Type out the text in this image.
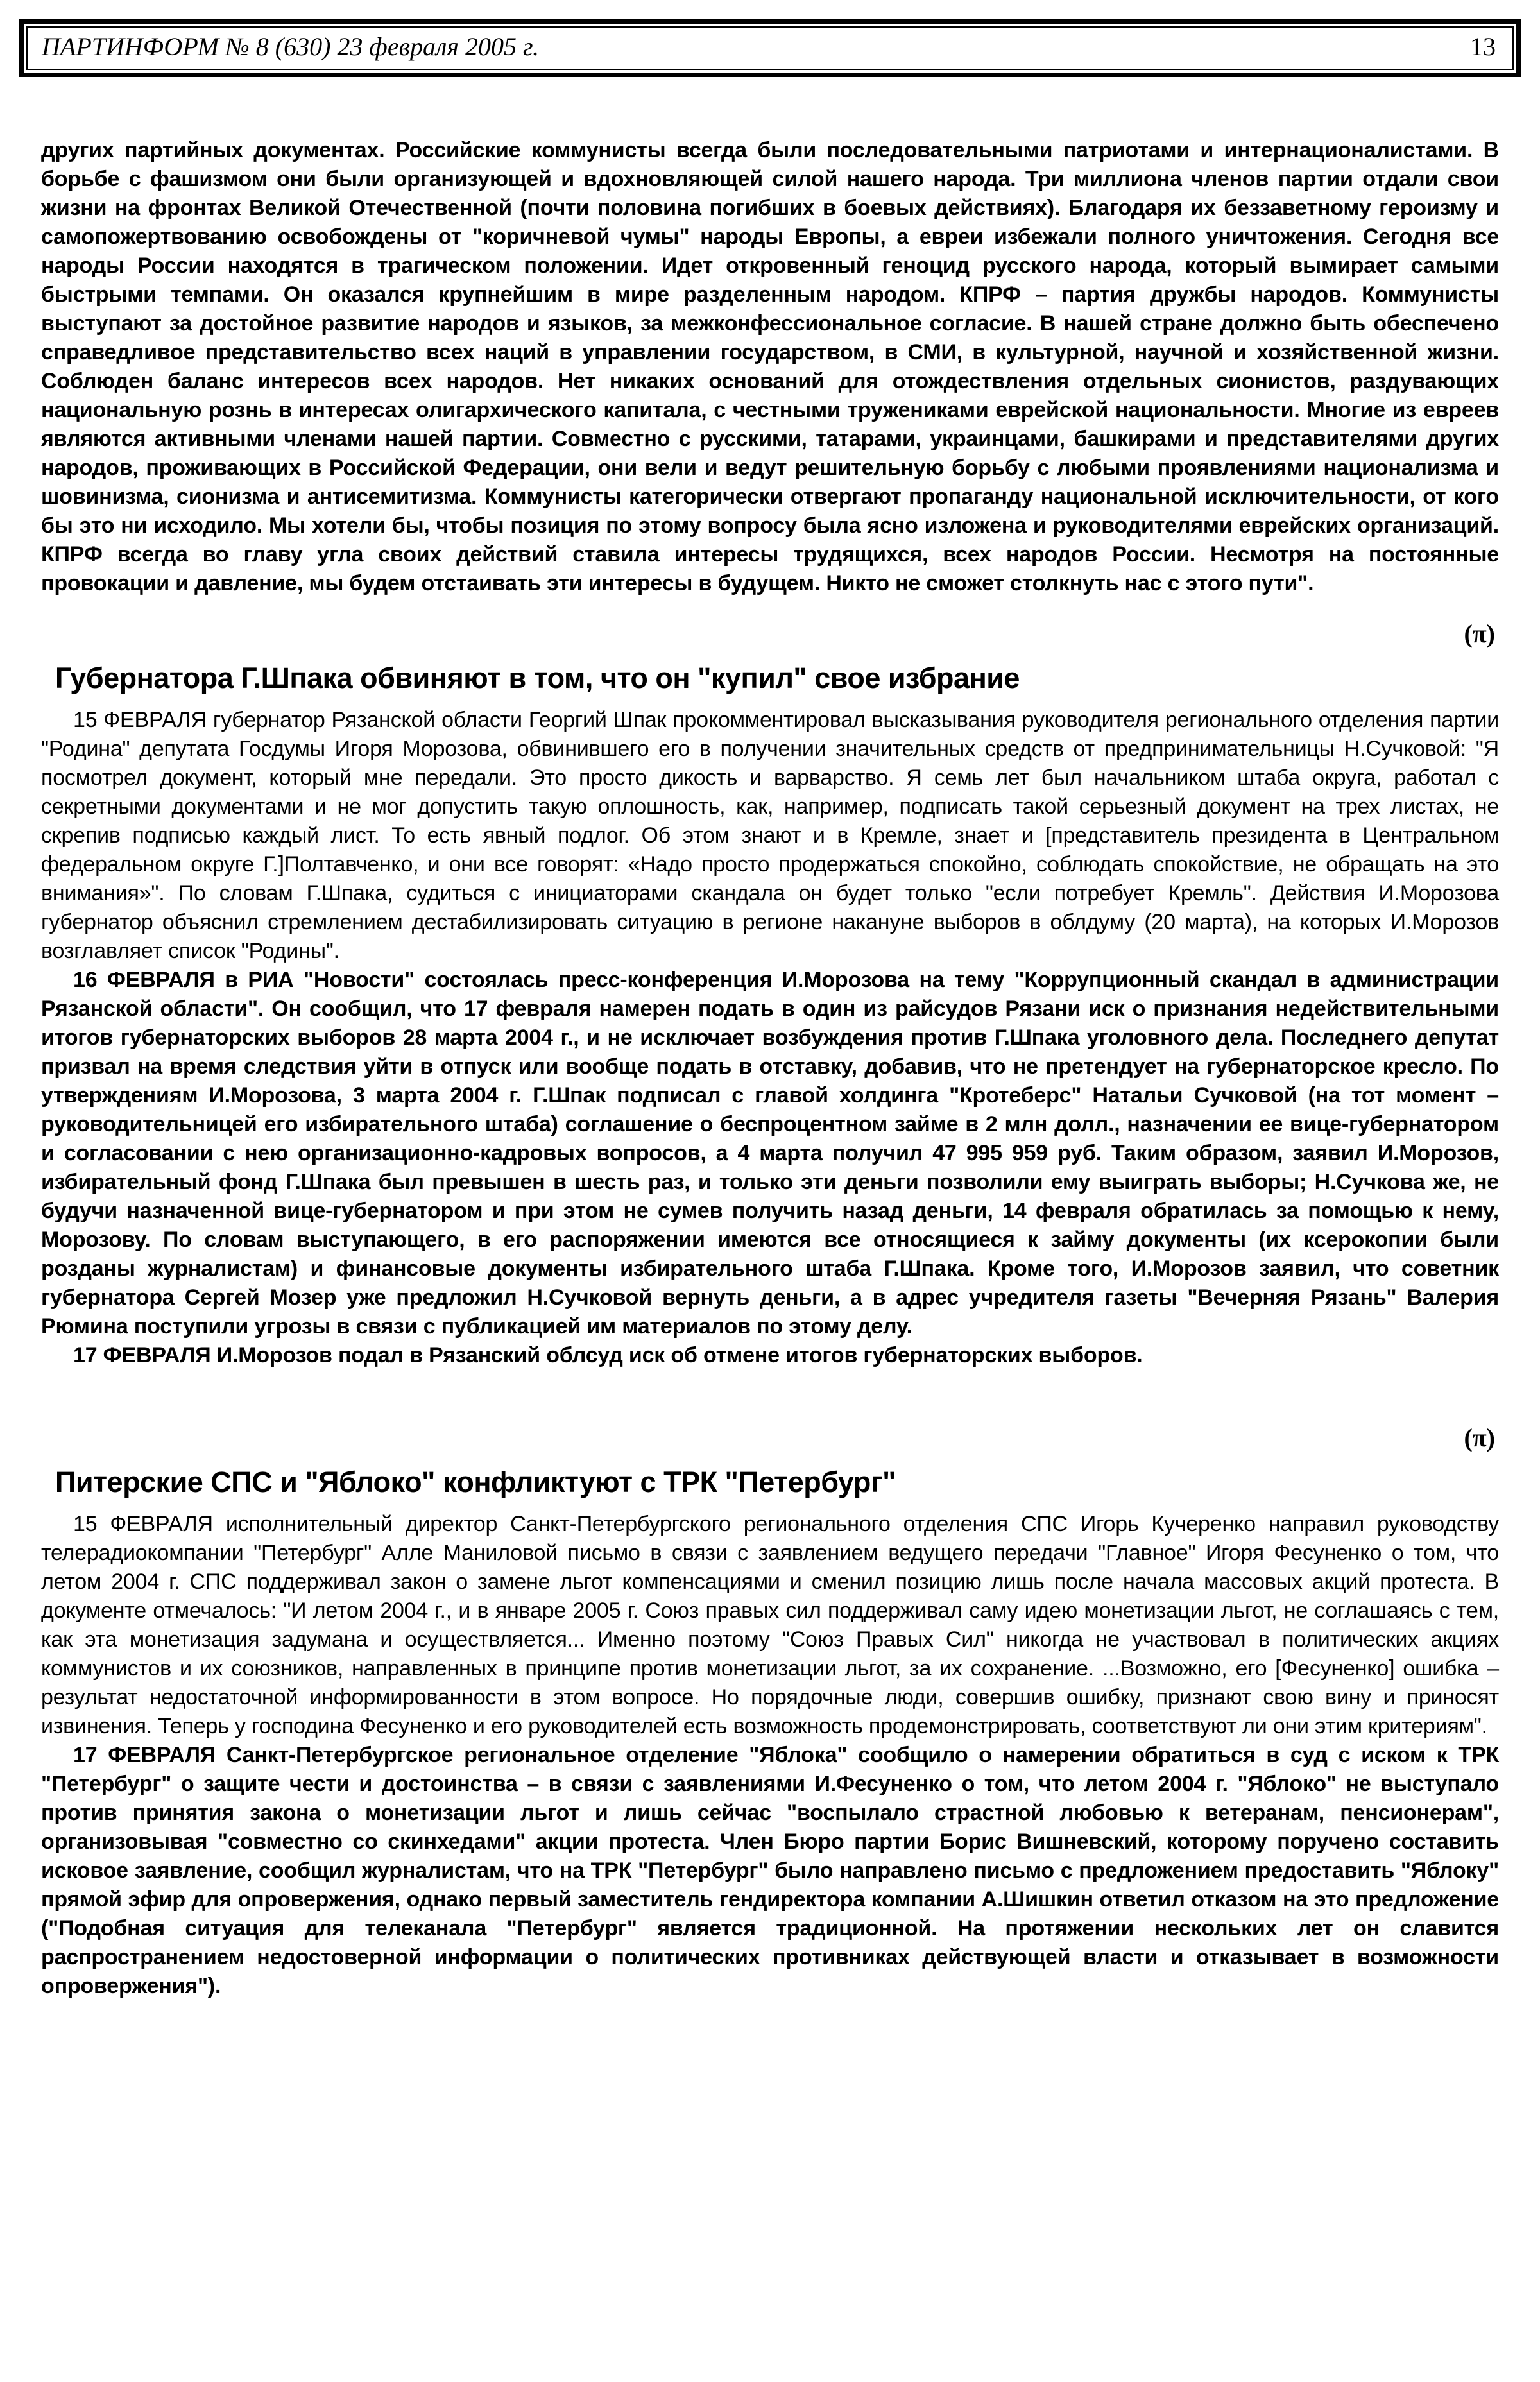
ПАРТИНФОРМ № 8 (630) 23 февраля 2005 г.	13

других партийных документах. Российские коммунисты всегда были последовательными патриотами и интернационалистами. В борьбе с фашизмом они были организующей и вдохновляющей силой нашего народа. Три миллиона членов партии отдали свои жизни на фронтах Великой Отечественной (почти половина погибших в боевых действиях). Благодаря их беззаветному героизму и самопожертвованию освобождены от "коричневой чумы" народы Европы, а евреи избежали полного уничтожения. Сегодня все народы России находятся в трагическом положении. Идет откровенный геноцид русского народа, который вымирает самыми быстрыми темпами. Он оказался крупнейшим в мире разделенным народом. КПРФ – партия дружбы народов. Коммунисты выступают за достойное развитие народов и языков, за межконфессиональное согласие. В нашей стране должно быть обеспечено справедливое представительство всех наций в управлении государством, в СМИ, в культурной, научной и хозяйственной жизни. Соблюден баланс интересов всех народов. Нет никаких оснований для отождествления отдельных сионистов, раздувающих национальную рознь в интересах олигархического капитала, с честными тружениками еврейской национальности. Многие из евреев являются активными членами нашей партии. Совместно с русскими, татарами, украинцами, башкирами и представителями других народов, проживающих в Российской Федерации, они вели и ведут решительную борьбу с любыми проявлениями национализма и шовинизма, сионизма и антисемитизма. Коммунисты категорически отвергают пропаганду национальной исключительности, от кого бы это ни исходило. Мы хотели бы, чтобы позиция по этому вопросу была ясно изложена и руководителями еврейских организаций. КПРФ всегда во главу угла своих действий ставила интересы трудящихся, всех народов России. Несмотря на постоянные провокации и давление, мы будем отстаивать эти интересы в будущем. Никто не сможет столкнуть нас с этого пути".

(π)
Губернатора Г.Шпака обвиняют в том, что он "купил" свое избрание

15 ФЕВРАЛЯ губернатор Рязанской области Георгий Шпак прокомментировал высказывания руководителя регионального отделения партии "Родина" депутата Госдумы Игоря Морозова, обвинившего его в получении значительных средств от предпринимательницы Н.Сучковой: "Я посмотрел документ, который мне передали. Это просто дикость и варварство. Я семь лет был начальником штаба округа, работал с секретными документами и не мог допустить такую оплошность, как, например, подписать такой серьезный документ на трех листах, не скрепив подписью каждый лист. То есть явный подлог. Об этом знают и в Кремле, знает и [представитель президента в Центральном федеральном округе Г.]Полтавченко, и они все говорят: «Надо просто продержаться спокойно, соблюдать спокойствие, не обращать на это внимания»". По словам Г.Шпака, судиться с инициаторами скандала он будет только "если потребует Кремль". Действия И.Морозова губернатор объяснил стремлением дестабилизировать ситуацию в регионе накануне выборов в облдуму (20 марта), на которых И.Морозов возглавляет список "Родины".

16 ФЕВРАЛЯ в РИА "Новости" состоялась пресс-конференция И.Морозова на тему "Коррупционный скандал в администрации Рязанской области". Он сообщил, что 17 февраля намерен подать в один из райсудов Рязани иск о признания недействительными итогов губернаторских выборов 28 марта 2004 г., и не исключает возбуждения против Г.Шпака уголовного дела. Последнего депутат призвал на время следствия уйти в отпуск или вообще подать в отставку, добавив, что не претендует на губернаторское кресло. По утверждениям И.Морозова, 3 марта 2004 г. Г.Шпак подписал с главой холдинга "Кротеберс" Натальи Сучковой (на тот момент – руководительницей его избирательного штаба) соглашение о беспроцентном займе в 2 млн долл., назначении ее вице-губернатором и согласовании с нею организационно-кадровых вопросов, а 4 марта получил 47 995 959 руб. Таким образом, заявил И.Морозов, избирательный фонд Г.Шпака был превышен в шесть раз, и только эти деньги позволили ему выиграть выборы; Н.Сучкова же, не будучи назначенной вице-губернатором и при этом не сумев получить назад деньги, 14 февраля обратилась за помощью к нему, Морозову. По словам выступающего, в его распоряжении имеются все относящиеся к займу документы (их ксерокопии были розданы журналистам) и финансовые документы избирательного штаба Г.Шпака. Кроме того, И.Морозов заявил, что советник губернатора Сергей Мозер уже предложил Н.Сучковой вернуть деньги, а в адрес учредителя газеты "Вечерняя Рязань" Валерия Рюмина поступили угрозы в связи с публикацией им материалов по этому делу.

17 ФЕВРАЛЯ И.Морозов подал в Рязанский облсуд иск об отмене итогов губернаторских выборов.

(π)
Питерские СПС и "Яблоко" конфликтуют с ТРК "Петербург"

15 ФЕВРАЛЯ исполнительный директор Санкт-Петербургского регионального отделения СПС Игорь Кучеренко направил руководству телерадиокомпании "Петербург" Алле Маниловой письмо в связи с заявлением ведущего передачи "Главное" Игоря Фесуненко о том, что летом 2004 г. СПС поддерживал закон о замене льгот компенсациями и сменил позицию лишь после начала массовых акций протеста. В документе отмечалось: "И летом 2004 г., и в январе 2005 г. Союз правых сил поддерживал саму идею монетизации льгот, не соглашаясь с тем, как эта монетизация задумана и осуществляется... Именно поэтому "Союз Правых Сил" никогда не участвовал в политических акциях коммунистов и их союзников, направленных в принципе против монетизации льгот, за их сохранение. ...Возможно, его [Фесуненко] ошибка – результат недостаточной информированности в этом вопросе. Но порядочные люди, совершив ошибку, признают свою вину и приносят извинения. Теперь у господина Фесуненко и его руководителей есть возможность продемонстрировать, соответствуют ли они этим критериям".

17 ФЕВРАЛЯ Санкт-Петербургское региональное отделение "Яблока" сообщило о намерении обратиться в суд с иском к ТРК "Петербург" о защите чести и достоинства – в связи с заявлениями И.Фесуненко о том, что летом 2004 г. "Яблоко" не выступало против принятия закона о монетизации льгот и лишь сейчас "воспылало страстной любовью к ветеранам, пенсионерам", организовывая "совместно со скинхедами" акции протеста. Член Бюро партии Борис Вишневский, которому поручено составить исковое заявление, сообщил журналистам, что на ТРК "Петербург" было направлено письмо с предложением предоставить "Яблоку" прямой эфир для опровержения, однако первый заместитель гендиректора компании А.Шишкин ответил отказом на это предложение ("Подобная ситуация для телеканала "Петербург" является традиционной. На протяжении нескольких лет он славится распространением недостоверной информации о политических противниках действующей власти и отказывает в возможности опровержения").
